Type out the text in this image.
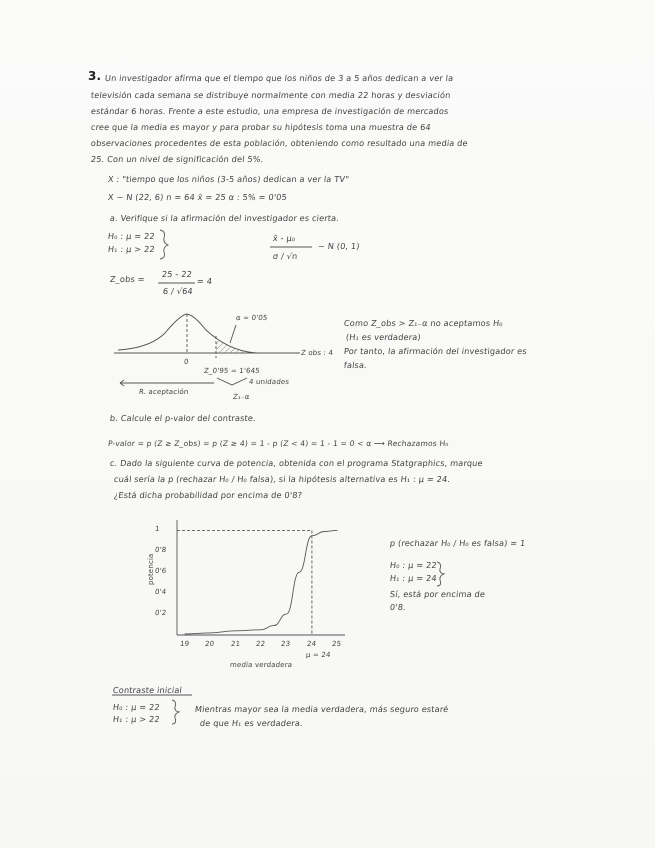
3. Un investigador afirma que el tiempo que los niños de 3 a 5 años dedican a ver la
televisión cada semana se distribuye normalmente con media 22 horas y desviación
estándar 6 horas. Frente a este estudio, una empresa de investigación de mercados
cree que la media es mayor y para probar su hipótesis toma una muestra de 64
observaciones procedentes de esta población, obteniendo como resultado una media de
25. Con un nivel de significación del 5%.
X : "tiempo que los niños (3-5 años) dedican a ver la TV"
X ∼ N (22, 6) n = 64 x̄ = 25 α : 5% = 0'05
a. Verifique si la afirmación del investigador es cierta.
H₀ : μ = 22
H₁ : μ > 22
x̄ - μ₀
σ / √n
∼ N (0, 1)
Z_obs = 25 - 22
6 / √64
= 4
α = 0'05
0
Z_0'95 = 1'645
Z obs : 4
4 unidades
Z₁₋α
R. aceptación
Como Z_obs > Z₁₋α no aceptamos H₀
(H₁ es verdadera)
Por tanto, la afirmación del investigador es
falsa.
b. Calcule el p-valor del contraste.
P-valor = p (Z ≥ Z_obs) = p (Z ≥ 4) = 1 - p (Z < 4) = 1 - 1 = 0 < α ⟶ Rechazamos H₀
c. Dado la siguiente curva de potencia, obtenida con el programa Statgraphics, marque
cuál sería la p (rechazar H₀ / H₀ falsa), si la hipótesis alternativa es H₁ : μ = 24.
¿Está dicha probabilidad por encima de 0'8?
potencia
media verdadera
μ = 24
0'2
0'4
0'6
0'8
1
19 20 21 22 23 24 25
p (rechazar H₀ / H₀ es falsa) = 1
H₀ : μ = 22
H₁ : μ = 24
Sí, está por encima de
0'8.
Contraste inicial
H₀ : μ = 22
H₁ : μ > 22
Mientras mayor sea la media verdadera, más seguro estaré
de que H₁ es verdadera.
